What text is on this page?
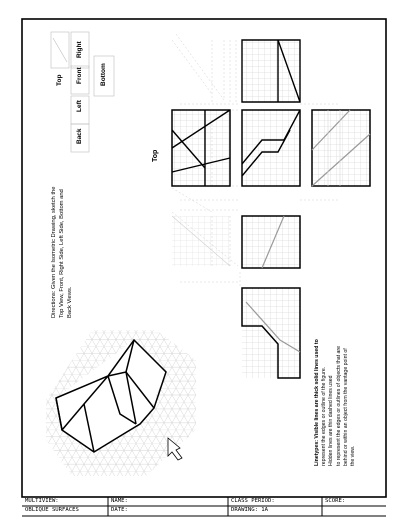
Directions: Given the Isometric Drawing, sketch the Top View, Front, Right Side, Left Side, Bottom and Back Views.
Linetypes: Visible lines are thick solid lines used to represent the edges or outline of the figure. Hidden lines are thin dashed lines used to represent the edges or outlines of objects that are behind or within an object from the vantage point of the view.
Top
Left
Front
Right
Bottom
Back
Top
MULTIVIEW:
OBLIQUE SURFACES
NAME:
DATE:
CLASS PERIOD:
DRAWING: 1A
SCORE:
